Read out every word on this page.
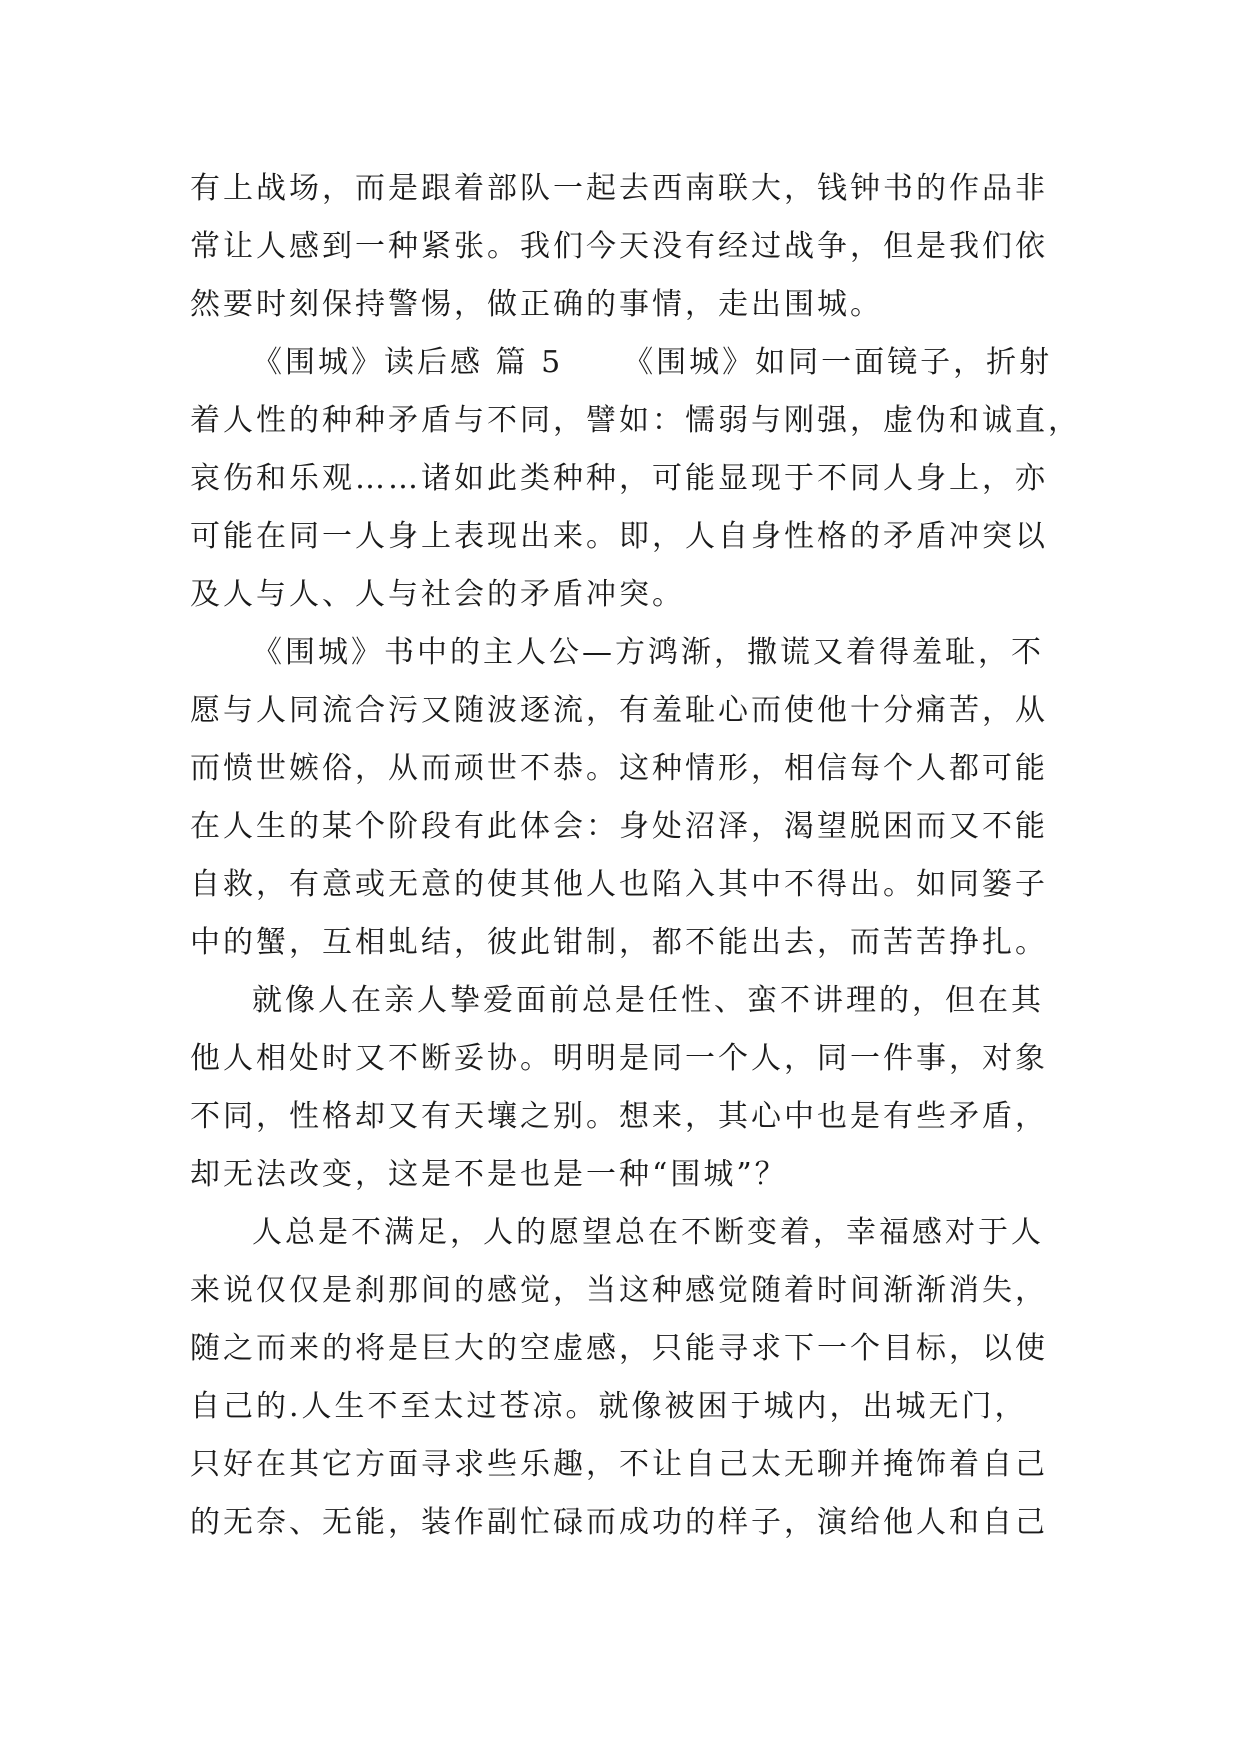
有上战场，而是跟着部队一起去西南联大，钱钟书的作品非
常让人感到一种紧张。我们今天没有经过战争，但是我们依
然要时刻保持警惕，做正确的事情，走出围城。
《围城》读后感 篇 5 《围城》如同一面镜子，折射
着人性的种种矛盾与不同，譬如：懦弱与刚强，虚伪和诚直，
哀伤和乐观……诸如此类种种，可能显现于不同人身上，亦
可能在同一人身上表现出来。即，人自身性格的矛盾冲突以
及人与人、人与社会的矛盾冲突。
《围城》书中的主人公—方鸿渐，撒谎又着得羞耻，不
愿与人同流合污又随波逐流，有羞耻心而使他十分痛苦，从
而愤世嫉俗，从而顽世不恭。这种情形，相信每个人都可能
在人生的某个阶段有此体会：身处沼泽，渴望脱困而又不能
自救，有意或无意的使其他人也陷入其中不得出。如同篓子
中的蟹，互相虬结，彼此钳制，都不能出去，而苦苦挣扎。
就像人在亲人挚爱面前总是任性、蛮不讲理的，但在其
他人相处时又不断妥协。明明是同一个人，同一件事，对象
不同，性格却又有天壤之别。想来，其心中也是有些矛盾，
却无法改变，这是不是也是一种“围城”？
人总是不满足，人的愿望总在不断变着，幸福感对于人
来说仅仅是刹那间的感觉，当这种感觉随着时间渐渐消失，
随之而来的将是巨大的空虚感，只能寻求下一个目标，以使
自己的.人生不至太过苍凉。就像被困于城内，出城无门，
只好在其它方面寻求些乐趣，不让自己太无聊并掩饰着自己
的无奈、无能，装作副忙碌而成功的样子，演给他人和自己
